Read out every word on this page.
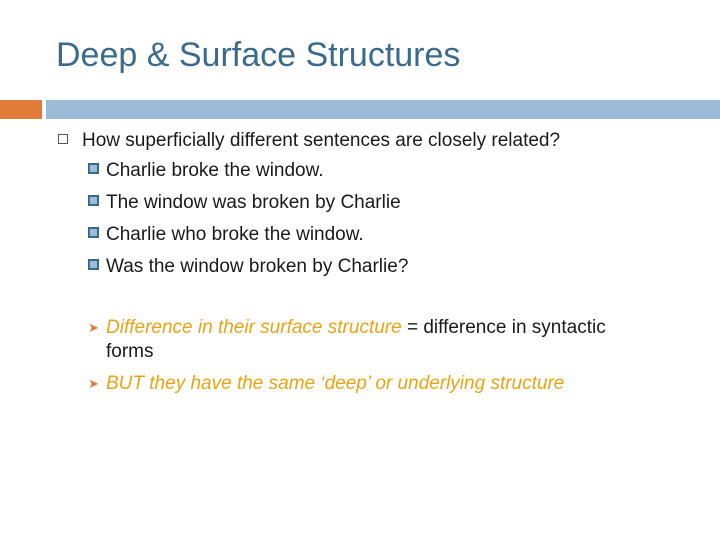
Deep & Surface Structures
How superficially different sentences are closely related?
Charlie broke the window.
The window was broken by Charlie
Charlie who broke the window.
Was the window broken by Charlie?
➤ Difference in their surface structure = difference in syntactic forms
➤ BUT they have the same ‘deep’ or underlying structure
